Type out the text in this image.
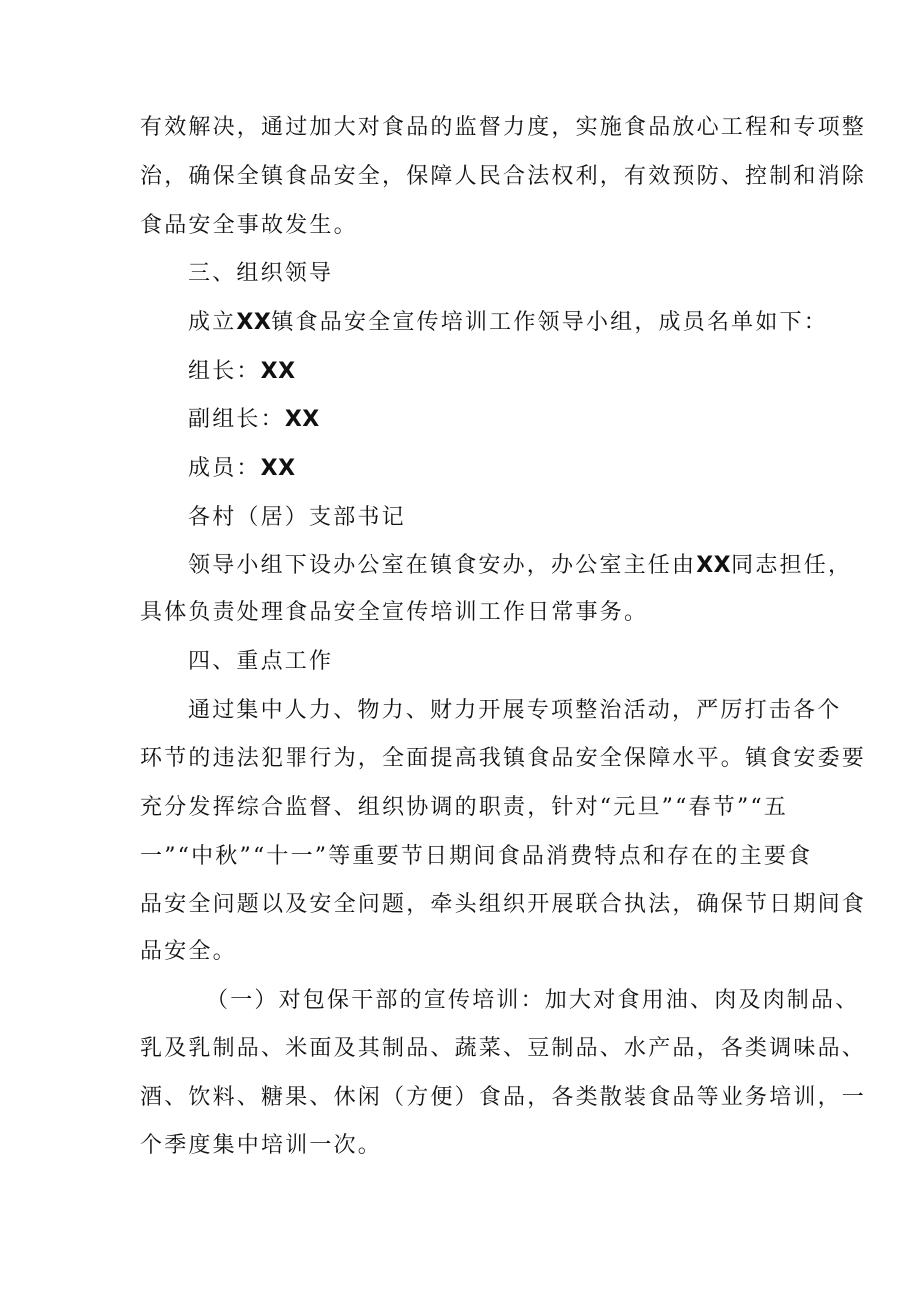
有效解决，通过加大对食品的监督力度，实施食品放心工程和专项整
治，确保全镇食品安全，保障人民合法权利，有效预防、控制和消除
食品安全事故发生。
三、组织领导
成立XX镇食品安全宣传培训工作领导小组，成员名单如下：
组长：XX
副组长：XX
成员：XX
各村（居）支部书记
领导小组下设办公室在镇食安办，办公室主任由XX同志担任，
具体负责处理食品安全宣传培训工作日常事务。
四、重点工作
通过集中人力、物力、财力开展专项整治活动，严厉打击各个
环节的违法犯罪行为，全面提高我镇食品安全保障水平。镇食安委要
充分发挥综合监督、组织协调的职责，针对“元旦”“春节”“五
一”“中秋”“十一”等重要节日期间食品消费特点和存在的主要食
品安全问题以及安全问题，牵头组织开展联合执法，确保节日期间食
品安全。
（一）对包保干部的宣传培训：加大对食用油、肉及肉制品、
乳及乳制品、米面及其制品、蔬菜、豆制品、水产品，各类调味品、
酒、饮料、糖果、休闲（方便）食品，各类散装食品等业务培训，一
个季度集中培训一次。
